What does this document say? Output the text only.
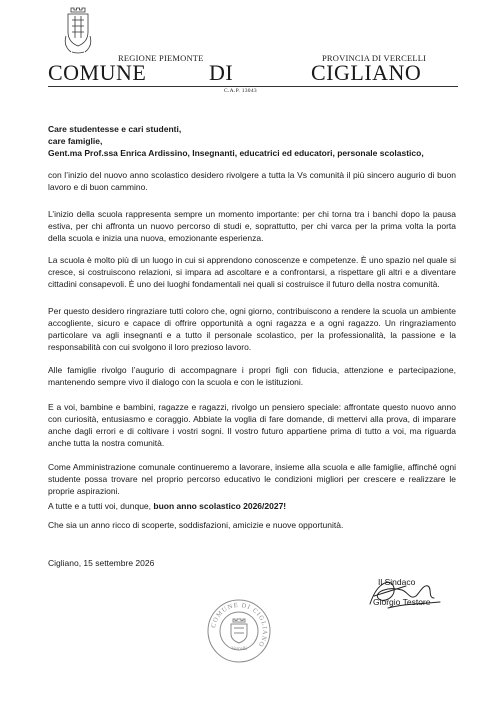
REGIONE PIEMONTE	PROVINCIA DI VERCELLI
COMUNE	DI	CIGLIANO
C.A.P. 13043
Care studentesse e cari studenti,
care famiglie,
Gent.ma Prof.ssa Enrica Ardissino, Insegnanti, educatrici ed educatori, personale scolastico,

con l’inizio del nuovo anno scolastico desidero rivolgere a tutta la Vs comunità il più sincero augurio di buon lavoro e di buon cammino.

L’inizio della scuola rappresenta sempre un momento importante: per chi torna tra i banchi dopo la pausa estiva, per chi affronta un nuovo percorso di studi e, soprattutto, per chi varca per la prima volta la porta della scuola e inizia una nuova, emozionante esperienza.

La scuola è molto più di un luogo in cui si apprendono conoscenze e competenze. È uno spazio nel quale si cresce, si costruiscono relazioni, si impara ad ascoltare e a confrontarsi, a rispettare gli altri e a diventare cittadini consapevoli. È uno dei luoghi fondamentali nei quali si costruisce il futuro della nostra comunità.

Per questo desidero ringraziare tutti coloro che, ogni giorno, contribuiscono a rendere la scuola un ambiente accogliente, sicuro e capace di offrire opportunità a ogni ragazza e a ogni ragazzo. Un ringraziamento particolare va agli insegnanti e a tutto il personale scolastico, per la professionalità, la passione e la responsabilità con cui svolgono il loro prezioso lavoro.

Alle famiglie rivolgo l’augurio di accompagnare i propri figli con fiducia, attenzione e partecipazione, mantenendo sempre vivo il dialogo con la scuola e con le istituzioni.

E a voi, bambine e bambini, ragazze e ragazzi, rivolgo un pensiero speciale: affrontate questo nuovo anno con curiosità, entusiasmo e coraggio. Abbiate la voglia di fare domande, di mettervi alla prova, di imparare anche dagli errori e di coltivare i vostri sogni. Il vostro futuro appartiene prima di tutto a voi, ma riguarda anche tutta la nostra comunità.

Come Amministrazione comunale continueremo a lavorare, insieme alla scuola e alle famiglie, affinché ogni studente possa trovare nel proprio percorso educativo le condizioni migliori per crescere e realizzare le proprie aspirazioni.

A tutte e a tutti voi, dunque, buon anno scolastico 2026/2027!

Che sia un anno ricco di scoperte, soddisfazioni, amicizie e nuove opportunità.

Cigliano, 15 settembre 2026
Il Sindaco
Giorgio Testore
COMUNE DI CIGLIANO
Vercelli
